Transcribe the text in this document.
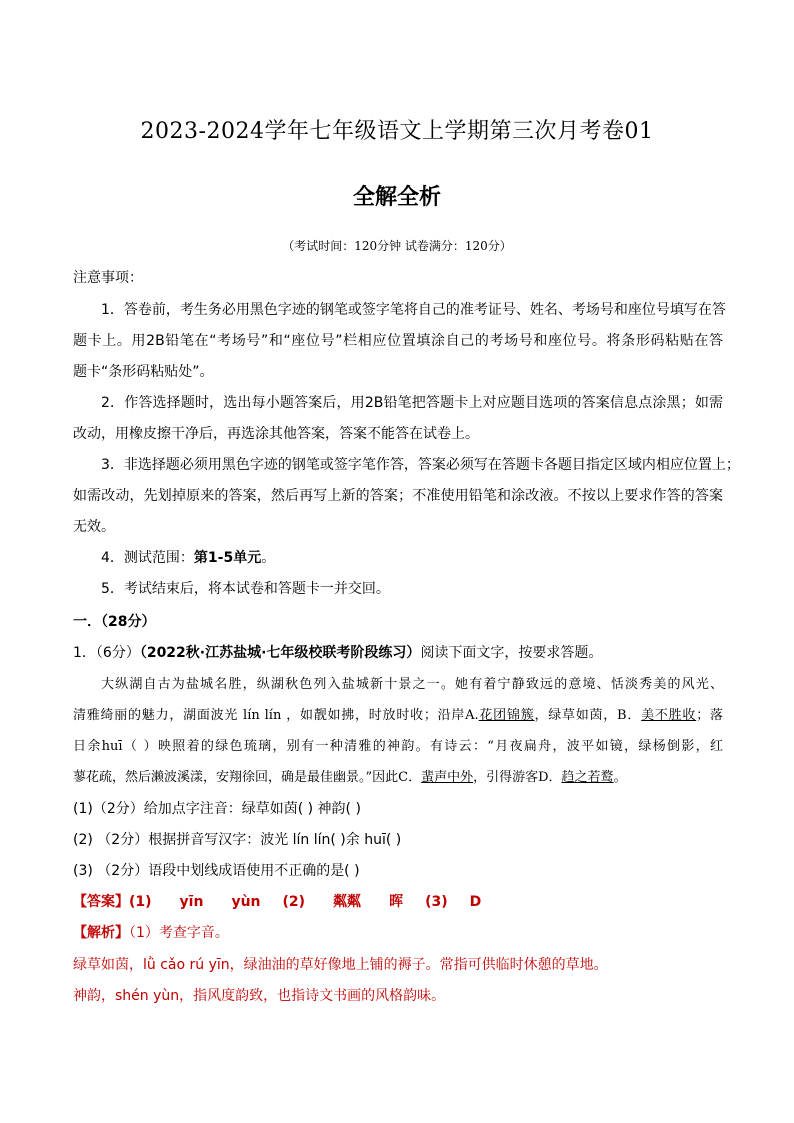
2023-2024学年七年级语文上学期第三次月考卷01
全解全析
（考试时间：120分钟 试卷满分：120分）
注意事项：
1．答卷前，考生务必用黑色字迹的钢笔或签字笔将自己的准考证号、姓名、考场号和座位号填写在答
题卡上。用2B铅笔在“考场号”和“座位号”栏相应位置填涂自己的考场号和座位号。将条形码粘贴在答
题卡“条形码粘贴处”。
2．作答选择题时，选出每小题答案后，用2B铅笔把答题卡上对应题目选项的答案信息点涂黑；如需
改动，用橡皮擦干净后，再选涂其他答案，答案不能答在试卷上。
3．非选择题必须用黑色字迹的钢笔或签字笔作答，答案必须写在答题卡各题目指定区域内相应位置上；
如需改动，先划掉原来的答案，然后再写上新的答案；不准使用铅笔和涂改液。不按以上要求作答的答案
无效。
4．测试范围：第1-5单元。
5．考试结束后，将本试卷和答题卡一并交回。
一．（28分）
1．（6分）（2022秋·江苏盐城·七年级校联考阶段练习）阅读下面文字，按要求答题。
大纵湖自古为盐城名胜，纵湖秋色列入盐城新十景之一。她有着宁静致远的意境、恬淡秀美的风光、
清雅绮丽的魅力，湖面波光 lín lín ，如靓如拂，时放时收；沿岸A.花团锦簇，绿草如茵，B．美不胜收；落
日余huī（ ）映照着的绿色琉璃，别有一种清雅的神韵。有诗云：“月夜扁舟，波平如镜，绿杨倒影，红
蓼花疏，然后濑波溪漾，安翔徐回，确是最佳幽景。”因此C．蜚声中外，引得游客D．趋之若鹜。
(1)（2分）给加点字注音：绿草如茵( ) 神韵( )
(2) （2分）根据拼音写汉字：波光 lín lín( )余 huī( )
(3) （2分）语段中划线成语使用不正确的是( )
【答案】(1) yīn yùn (2) 粼粼 晖 (3) D
【解析】（1）考查字音。
绿草如茵，lǜ cǎo rú yīn，绿油油的草好像地上铺的褥子。常指可供临时休憩的草地。
神韵，shén yùn，指风度韵致，也指诗文书画的风格韵味。
